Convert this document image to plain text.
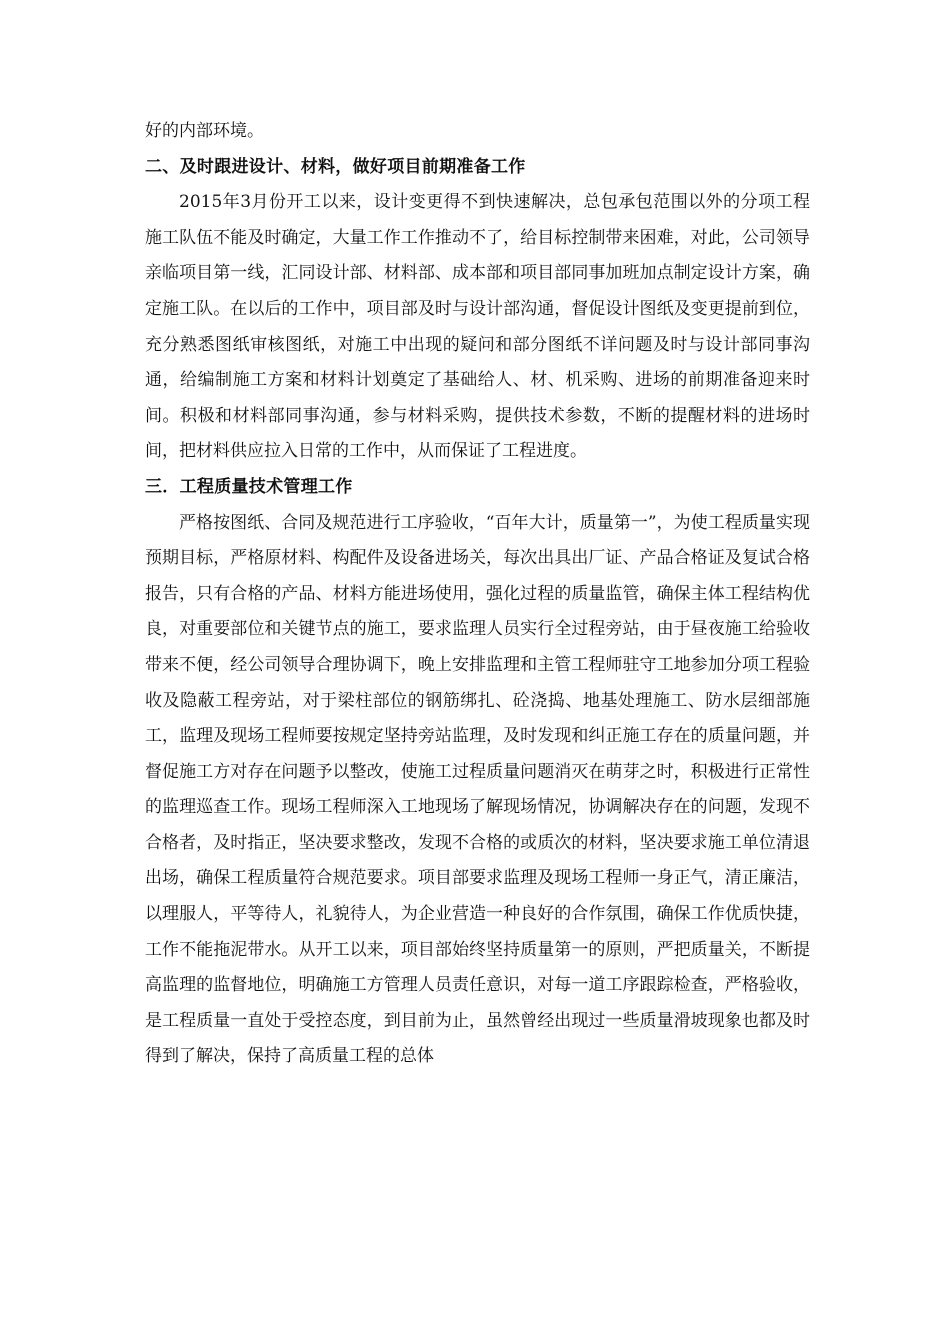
好的内部环境。

二、及时跟进设计、材料，做好项目前期准备工作

2015年3月份开工以来，设计变更得不到快速解决，总包承包范围以外的分项工程施工队伍不能及时确定，大量工作工作推动不了，给目标控制带来困难，对此，公司领导亲临项目第一线，汇同设计部、材料部、成本部和项目部同事加班加点制定设计方案，确定施工队。在以后的工作中，项目部及时与设计部沟通，督促设计图纸及变更提前到位，充分熟悉图纸审核图纸，对施工中出现的疑问和部分图纸不详问题及时与设计部同事沟通，给编制施工方案和材料计划奠定了基础给人、材、机采购、进场的前期准备迎来时间。积极和材料部同事沟通，参与材料采购，提供技术参数，不断的提醒材料的进场时间，把材料供应拉入日常的工作中，从而保证了工程进度。

三．工程质量技术管理工作

严格按图纸、合同及规范进行工序验收，“百年大计，质量第一”，为使工程质量实现预期目标，严格原材料、构配件及设备进场关，每次出具出厂证、产品合格证及复试合格报告，只有合格的产品、材料方能进场使用，强化过程的质量监管，确保主体工程结构优良，对重要部位和关键节点的施工，要求监理人员实行全过程旁站，由于昼夜施工给验收带来不便，经公司领导合理协调下，晚上安排监理和主管工程师驻守工地参加分项工程验收及隐蔽工程旁站，对于梁柱部位的钢筋绑扎、砼浇捣、地基处理施工、防水层细部施工，监理及现场工程师要按规定坚持旁站监理，及时发现和纠正施工存在的质量问题，并督促施工方对存在问题予以整改，使施工过程质量问题消灭在萌芽之时，积极进行正常性的监理巡查工作。现场工程师深入工地现场了解现场情况，协调解决存在的问题，发现不合格者，及时指正，坚决要求整改，发现不合格的或质次的材料，坚决要求施工单位清退出场，确保工程质量符合规范要求。项目部要求监理及现场工程师一身正气，清正廉洁，以理服人，平等待人，礼貌待人，为企业营造一种良好的合作氛围，确保工作优质快捷，工作不能拖泥带水。从开工以来，项目部始终坚持质量第一的原则，严把质量关，不断提高监理的监督地位，明确施工方管理人员责任意识，对每一道工序跟踪检查，严格验收，是工程质量一直处于受控态度，到目前为止，虽然曾经出现过一些质量滑坡现象也都及时得到了解决，保持了高质量工程的总体
